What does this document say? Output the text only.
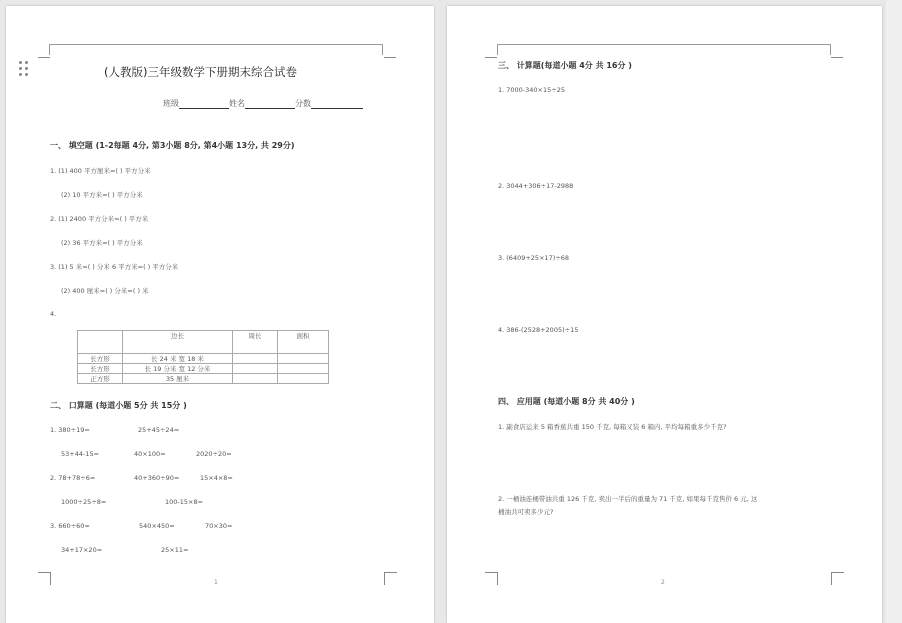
(人教版)三年级数学下册期末综合试卷
班级	姓名	分数
一、 填空题 (1-2每题 4分, 第3小题 8分, 第4小题 13分, 共 29分)
1. (1) 400 平方厘米=( ) 平方分米
(2) 10 平方米=( ) 平方分米
2. (1) 2400 平方分米=( ) 平方米
(2) 36 平方米=( ) 平方分米
3. (1) 5 米=( ) 分米 6 平方米=( ) 平方分米
(2) 400 厘米=( ) 分米=( ) 米
4.
	边长	周长	面积
长方形	长 24 米 宽 18 米		
长方形	长 19 分米 宽 12 分米		
正方形	35 厘米		
二、 口算题 (每道小题 5分 共 15分 )
1. 380÷19=	25+45÷24=
53+44-15=	40×100=	2020÷20=
2. 78+78÷6=	40+360÷90=	15×4×8=
1000÷25÷8=	100-15×8=
3. 660÷60=	540×450=	70×30=
34+17×20=	25×11=
1
三、 计算题(每道小题 4分 共 16分 )
1. 7000-340×15÷25
2. 3044+306÷17-2988
3. (6409+25×17)÷68
4. 386-(2528+2005)÷15
四、 应用题 (每道小题 8分 共 40分 )
1. 副食店运来 5 箱香蕉共重 150 千克, 每箱又装 6 箱内, 平均每箱重多少千克?
2. 一桶油连桶带油共重 126 千克, 卖出一半后的重量为 71 千克, 如果每千克售价 6 元, 这
桶油共可卖多少元?
2
